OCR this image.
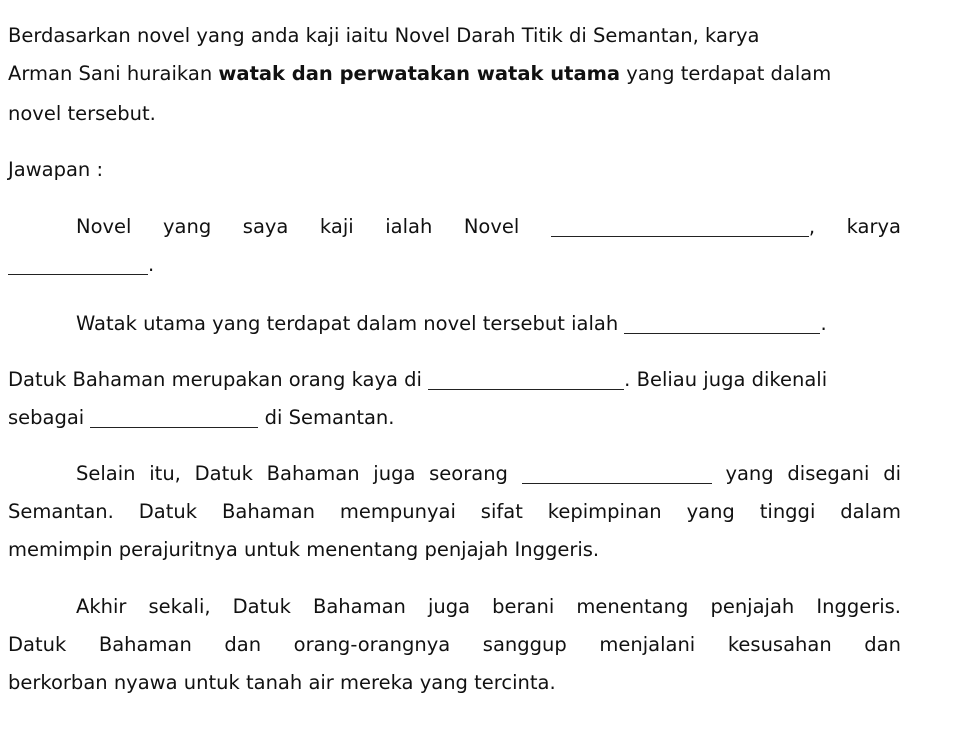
Berdasarkan novel yang anda kaji iaitu Novel Darah Titik di Semantan, karya
Arman Sani huraikan watak dan perwatakan watak utama yang terdapat dalam
novel tersebut.
Jawapan :
Novel yang saya kaji ialah Novel	, karya
.
Watak utama yang terdapat dalam novel tersebut ialah	.
Datuk Bahaman merupakan orang kaya di	. Beliau juga dikenali
sebagai	di Semantan.
Selain itu, Datuk Bahaman juga seorang	yang disegani di
Semantan. Datuk Bahaman mempunyai sifat kepimpinan yang tinggi dalam
memimpin perajuritnya untuk menentang penjajah Inggeris.
Akhir sekali, Datuk Bahaman juga berani menentang penjajah Inggeris.
Datuk Bahaman dan orang-orangnya sanggup menjalani kesusahan dan
berkorban nyawa untuk tanah air mereka yang tercinta.
